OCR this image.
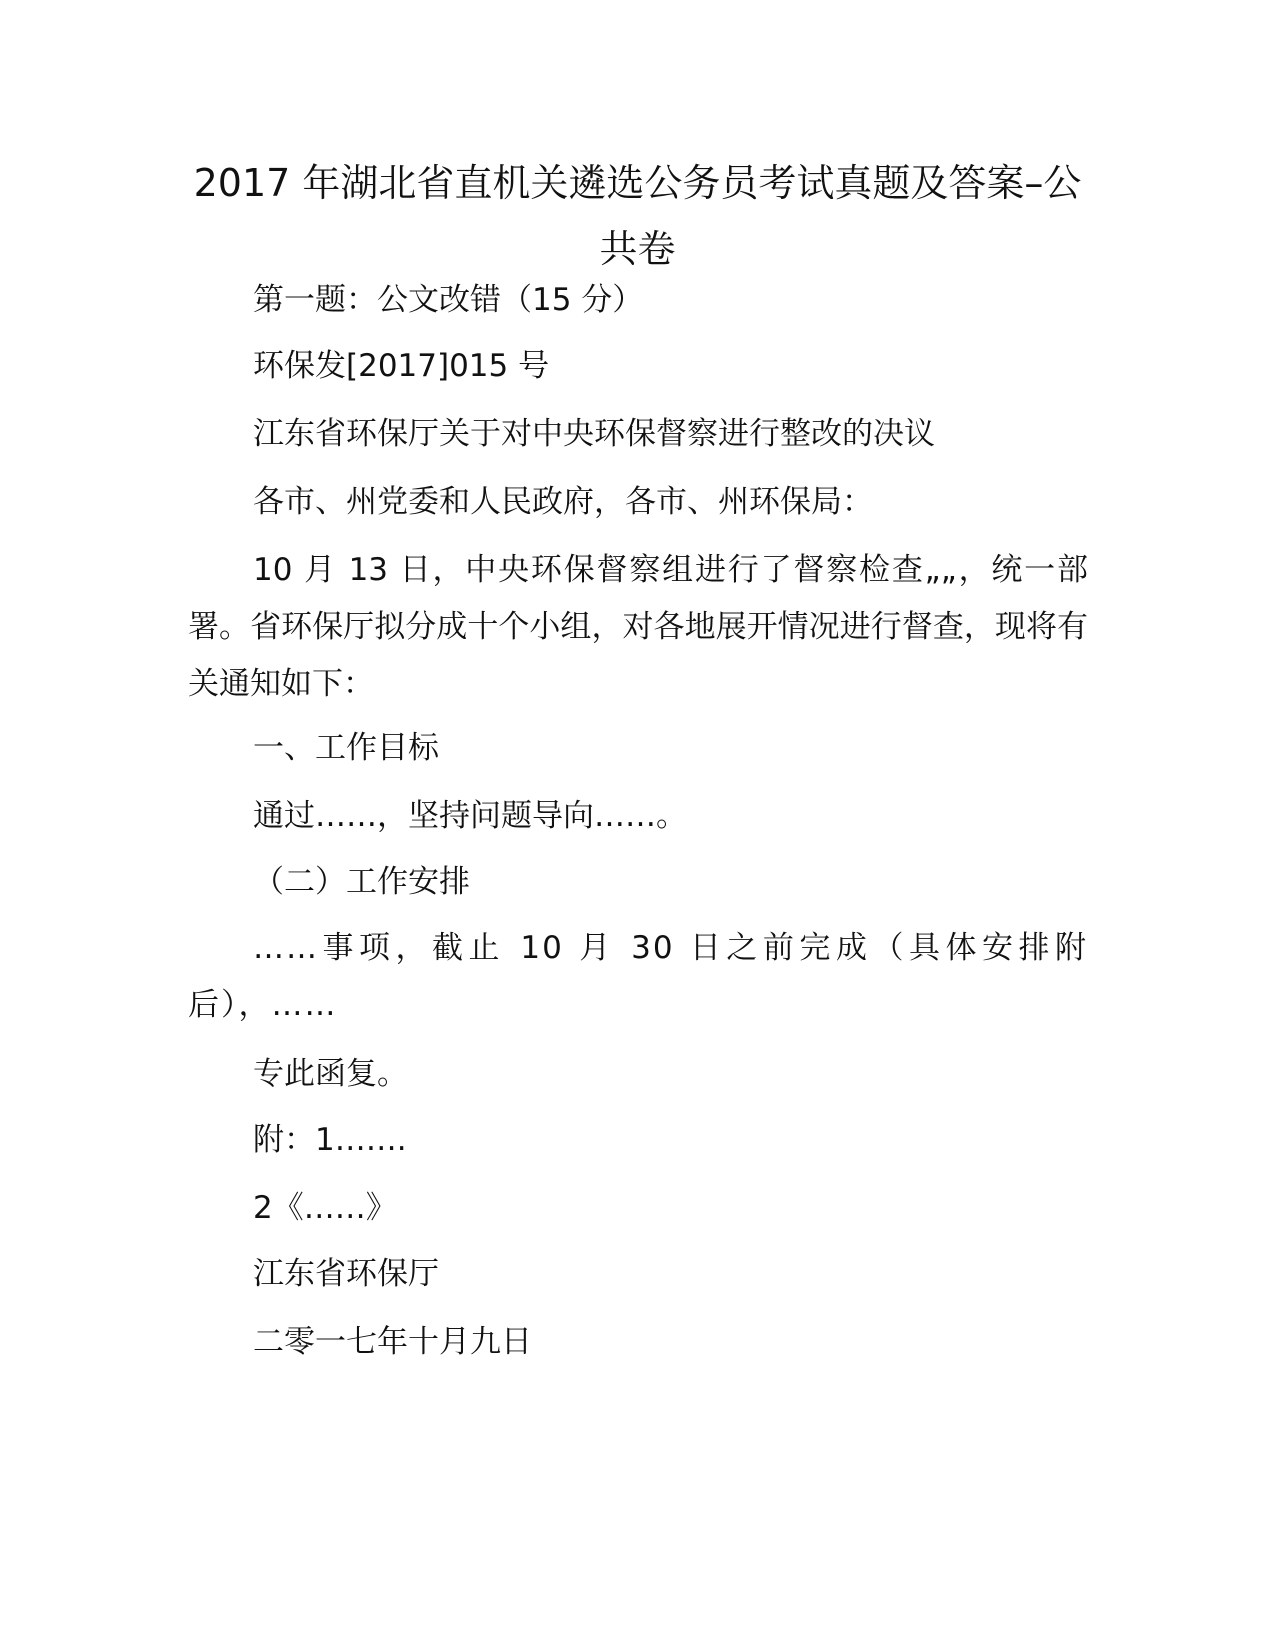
2017 年湖北省直机关遴选公务员考试真题及答案–公共卷

第一题：公文改错（15 分）

环保发[2017]015 号

江东省环保厅关于对中央环保督察进行整改的决议

各市、州党委和人民政府，各市、州环保局：

10 月 13 日，中央环保督察组进行了督察检查„„，统一部署。省环保厅拟分成十个小组，对各地展开情况进行督查，现将有关通知如下：

一、工作目标

通过……，坚持问题导向……。

（二）工作安排

……事项，截止 10 月 30 日之前完成（具体安排附后），……

专此函复。

附：1…….

2《……》

江东省环保厅

二零一七年十月九日
